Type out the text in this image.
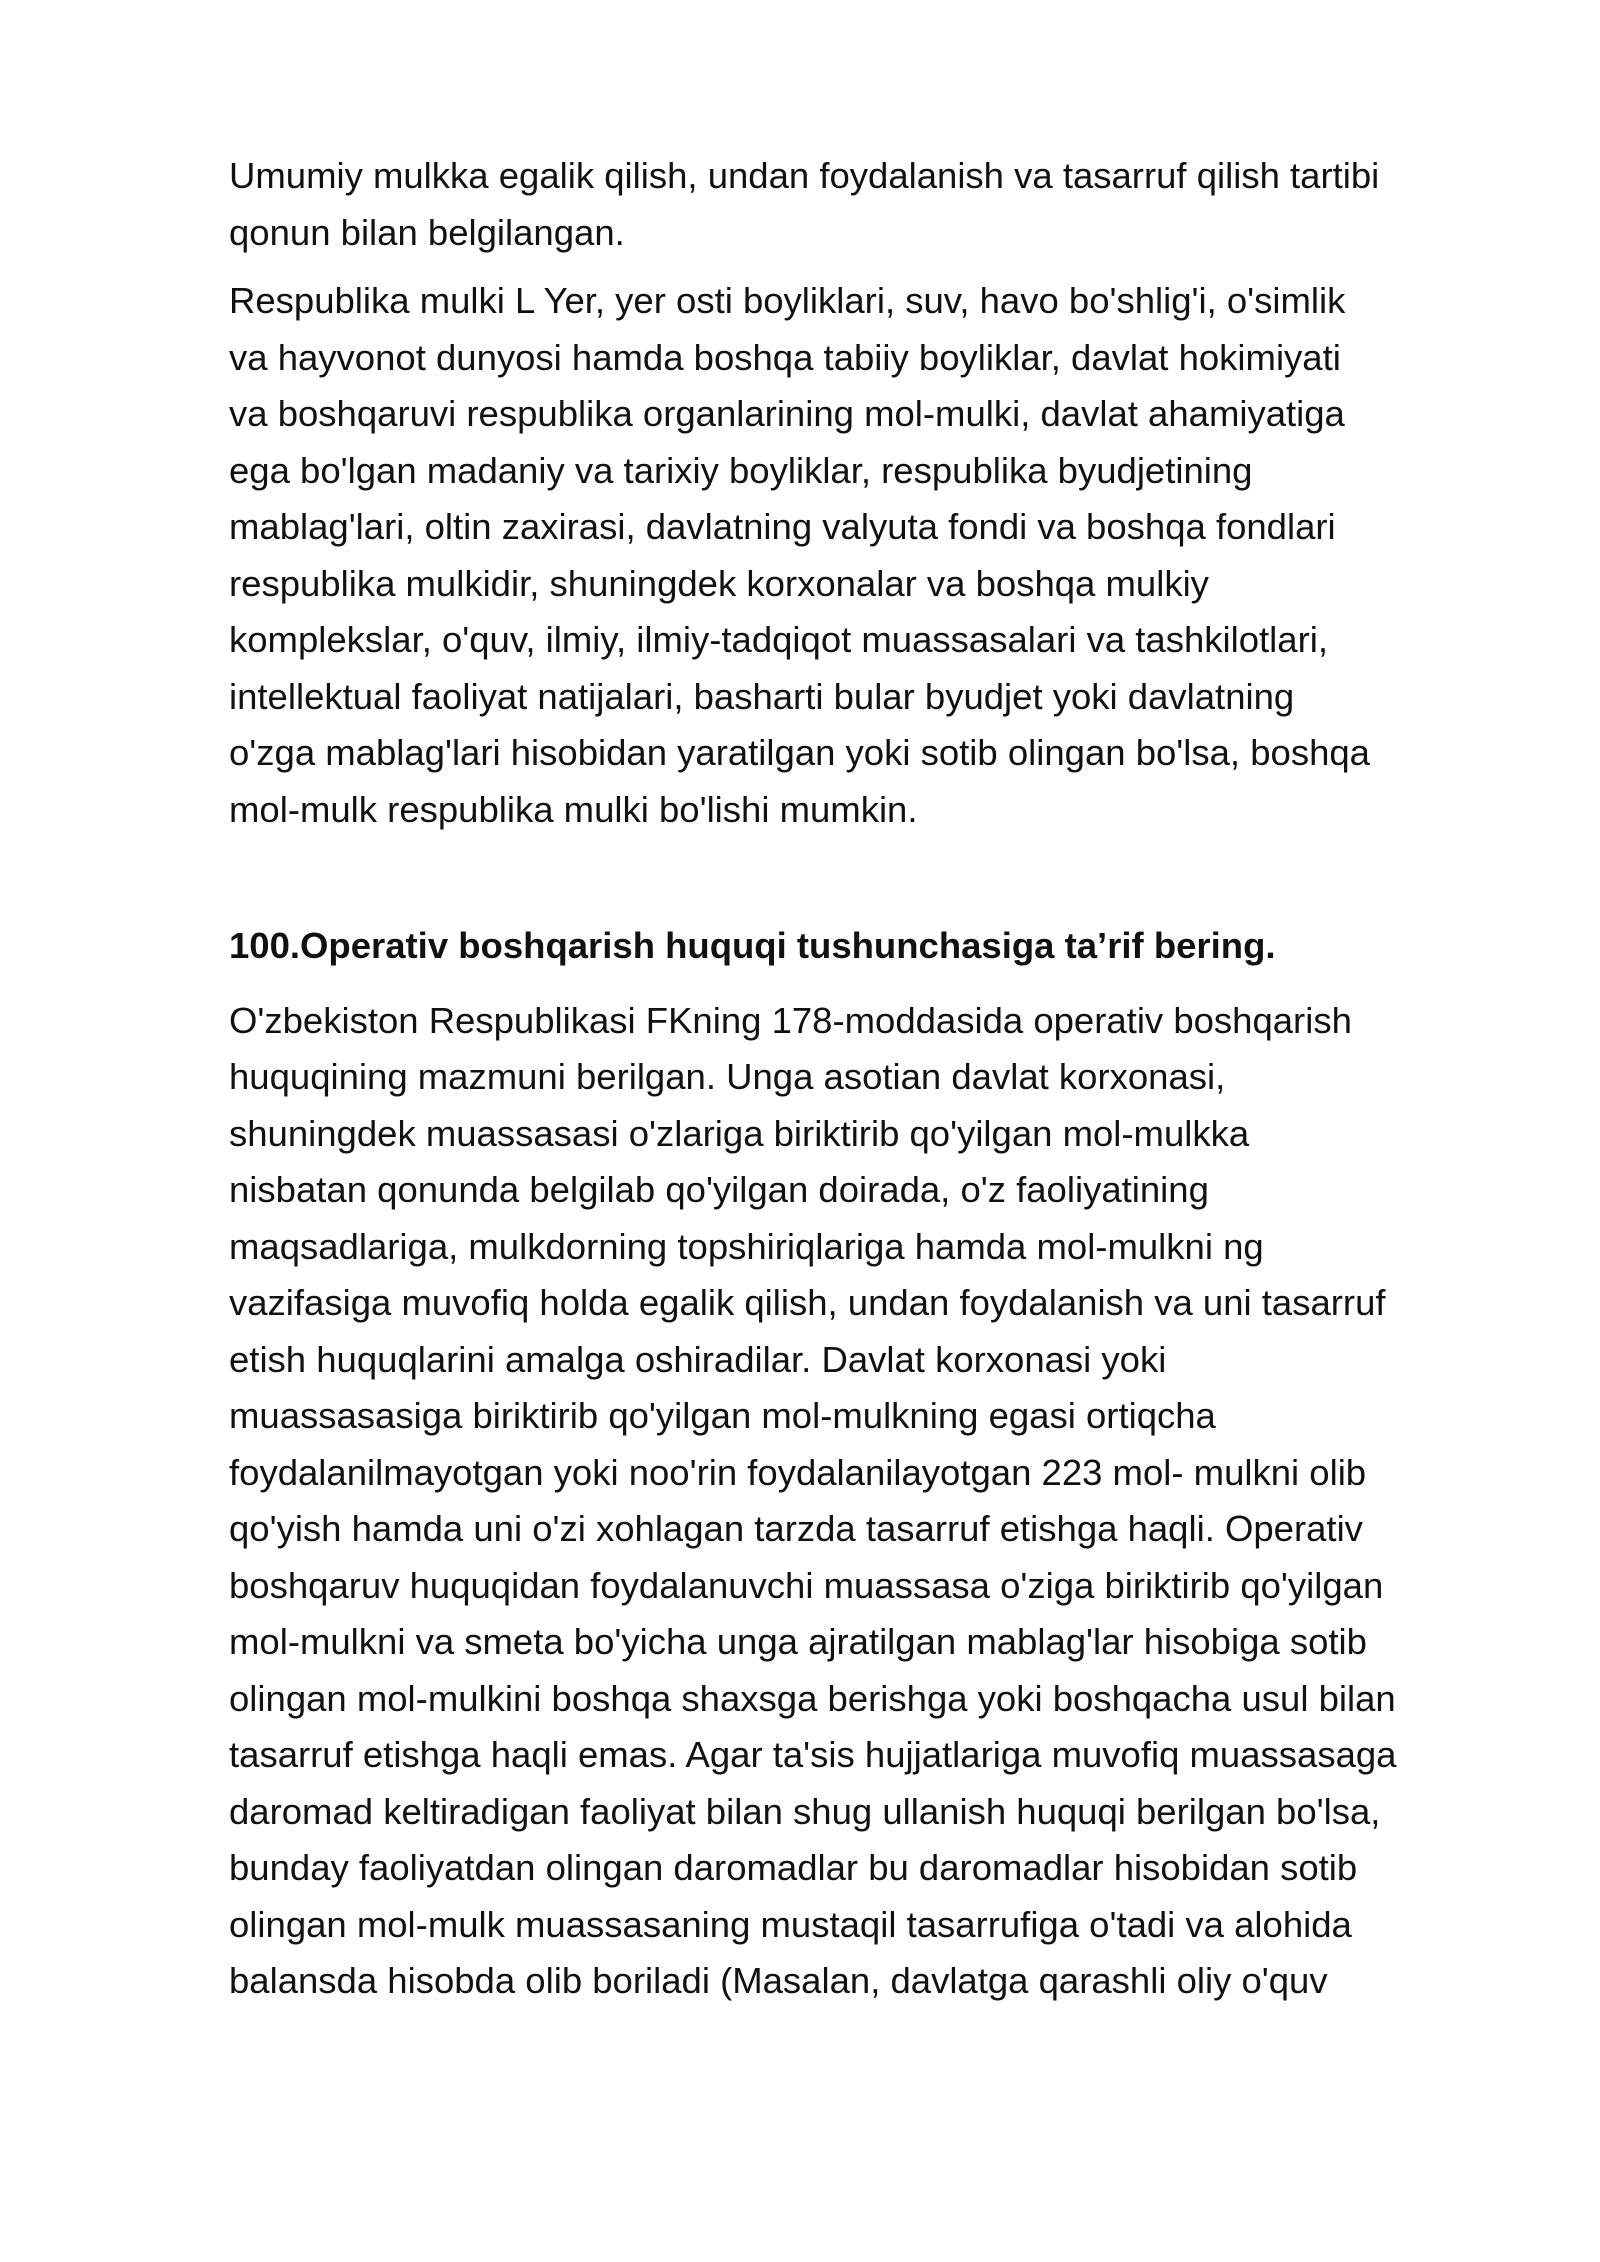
Umumiy mulkka egalik qilish, undan foydalanish va tasarruf qilish tartibi
qonun bilan belgilangan.

Respublika mulki L Yer, yer osti boyliklari, suv, havo bo'shlig'i, o'simlik
va hayvonot dunyosi hamda boshqa tabiiy boyliklar, davlat hokimiyati
va boshqaruvi respublika organlarining mol-mulki, davlat ahamiyatiga
ega bo'lgan madaniy va tarixiy boyliklar, respublika byudjetining
mablag'lari, oltin zaxirasi, davlatning valyuta fondi va boshqa fondlari
respublika mulkidir, shuningdek korxonalar va boshqa mulkiy
komplekslar, o'quv, ilmiy, ilmiy-tadqiqot muassasalari va tashkilotlari,
intellektual faoliyat natijalari, basharti bular byudjet yoki davlatning
o'zga mablag'lari hisobidan yaratilgan yoki sotib olingan bo'lsa, boshqa
mol-mulk respublika mulki bo'lishi mumkin.

100.Operativ boshqarish huquqi tushunchasiga ta’rif bering.

O'zbekiston Respublikasi FKning 178-moddasida operativ boshqarish
huquqining mazmuni berilgan. Unga asotian davlat korxonasi,
shuningdek muassasasi o'zlariga biriktirib qo'yilgan mol-mulkka
nisbatan qonunda belgilab qo'yilgan doirada, o'z faoliyatining
maqsadlariga, mulkdorning topshiriqlariga hamda mol-mulkni ng
vazifasiga muvofiq holda egalik qilish, undan foydalanish va uni tasarruf
etish huquqlarini amalga oshiradilar. Davlat korxonasi yoki
muassasasiga biriktirib qo'yilgan mol-mulkning egasi ortiqcha
foydalanilmayotgan yoki noo'rin foydalanilayotgan 223 mol- mulkni olib
qo'yish hamda uni o'zi xohlagan tarzda tasarruf etishga haqli. Operativ
boshqaruv huquqidan foydalanuvchi muassasa o'ziga biriktirib qo'yilgan
mol-mulkni va smeta bo'yicha unga ajratilgan mablag'lar hisobiga sotib
olingan mol-mulkini boshqa shaxsga berishga yoki boshqacha usul bilan
tasarruf etishga haqli emas. Agar ta'sis hujjatlariga muvofiq muassasaga
daromad keltiradigan faoliyat bilan shug ullanish huquqi berilgan bo'lsa,
bunday faoliyatdan olingan daromadlar bu daromadlar hisobidan sotib
olingan mol-mulk muassasaning mustaqil tasarrufiga o'tadi va alohida
balansda hisobda olib boriladi (Masalan, davlatga qarashli oliy o'quv
